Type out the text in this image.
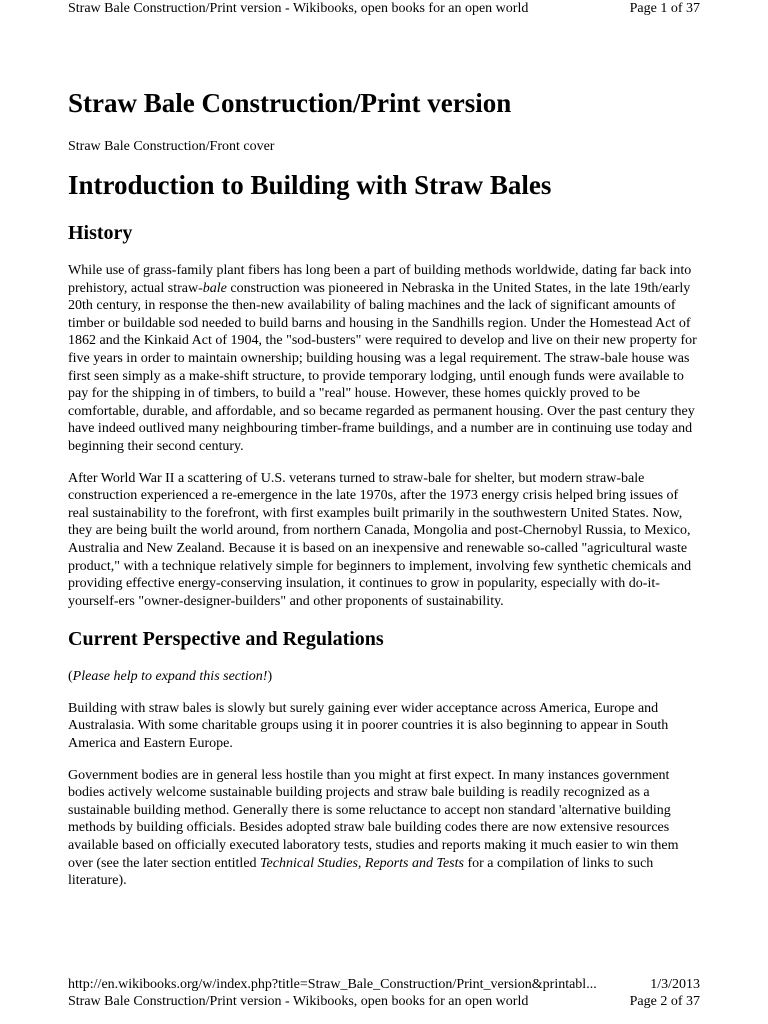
Straw Bale Construction/Print version - Wikibooks, open books for an open world	Page 1 of 37
Straw Bale Construction/Print version
Straw Bale Construction/Front cover
Introduction to Building with Straw Bales
History

While use of grass-family plant fibers has long been a part of building methods worldwide, dating far back into prehistory, actual straw-bale construction was pioneered in Nebraska in the United States, in the late 19th/early 20th century, in response the then-new availability of baling machines and the lack of significant amounts of timber or buildable sod needed to build barns and housing in the Sandhills region. Under the Homestead Act of 1862 and the Kinkaid Act of 1904, the "sod-busters" were required to develop and live on their new property for five years in order to maintain ownership; building housing was a legal requirement. The straw-bale house was first seen simply as a make-shift structure, to provide temporary lodging, until enough funds were available to pay for the shipping in of timbers, to build a "real" house. However, these homes quickly proved to be comfortable, durable, and affordable, and so became regarded as permanent housing. Over the past century they have indeed outlived many neighbouring timber-frame buildings, and a number are in continuing use today and beginning their second century.

After World War II a scattering of U.S. veterans turned to straw-bale for shelter, but modern straw-bale construction experienced a re-emergence in the late 1970s, after the 1973 energy crisis helped bring issues of real sustainability to the forefront, with first examples built primarily in the southwestern United States. Now, they are being built the world around, from northern Canada, Mongolia and post-Chernobyl Russia, to Mexico, Australia and New Zealand. Because it is based on an inexpensive and renewable so-called "agricultural waste product," with a technique relatively simple for beginners to implement, involving few synthetic chemicals and providing effective energy-conserving insulation, it continues to grow in popularity, especially with do-it-yourself-ers "owner-designer-builders" and other proponents of sustainability.

Current Perspective and Regulations

(Please help to expand this section!)

Building with straw bales is slowly but surely gaining ever wider acceptance across America, Europe and Australasia. With some charitable groups using it in poorer countries it is also beginning to appear in South America and Eastern Europe.

Government bodies are in general less hostile than you might at first expect. In many instances government bodies actively welcome sustainable building projects and straw bale building is readily recognized as a sustainable building method. Generally there is some reluctance to accept non standard 'alternative building methods by building officials. Besides adopted straw bale building codes there are now extensive resources available based on officially executed laboratory tests, studies and reports making it much easier to win them over (see the later section entitled Technical Studies, Reports and Tests for a compilation of links to such literature).

http://en.wikibooks.org/w/index.php?title=Straw_Bale_Construction/Print_version&printabl...	1/3/2013
Straw Bale Construction/Print version - Wikibooks, open books for an open world	Page 2 of 37
